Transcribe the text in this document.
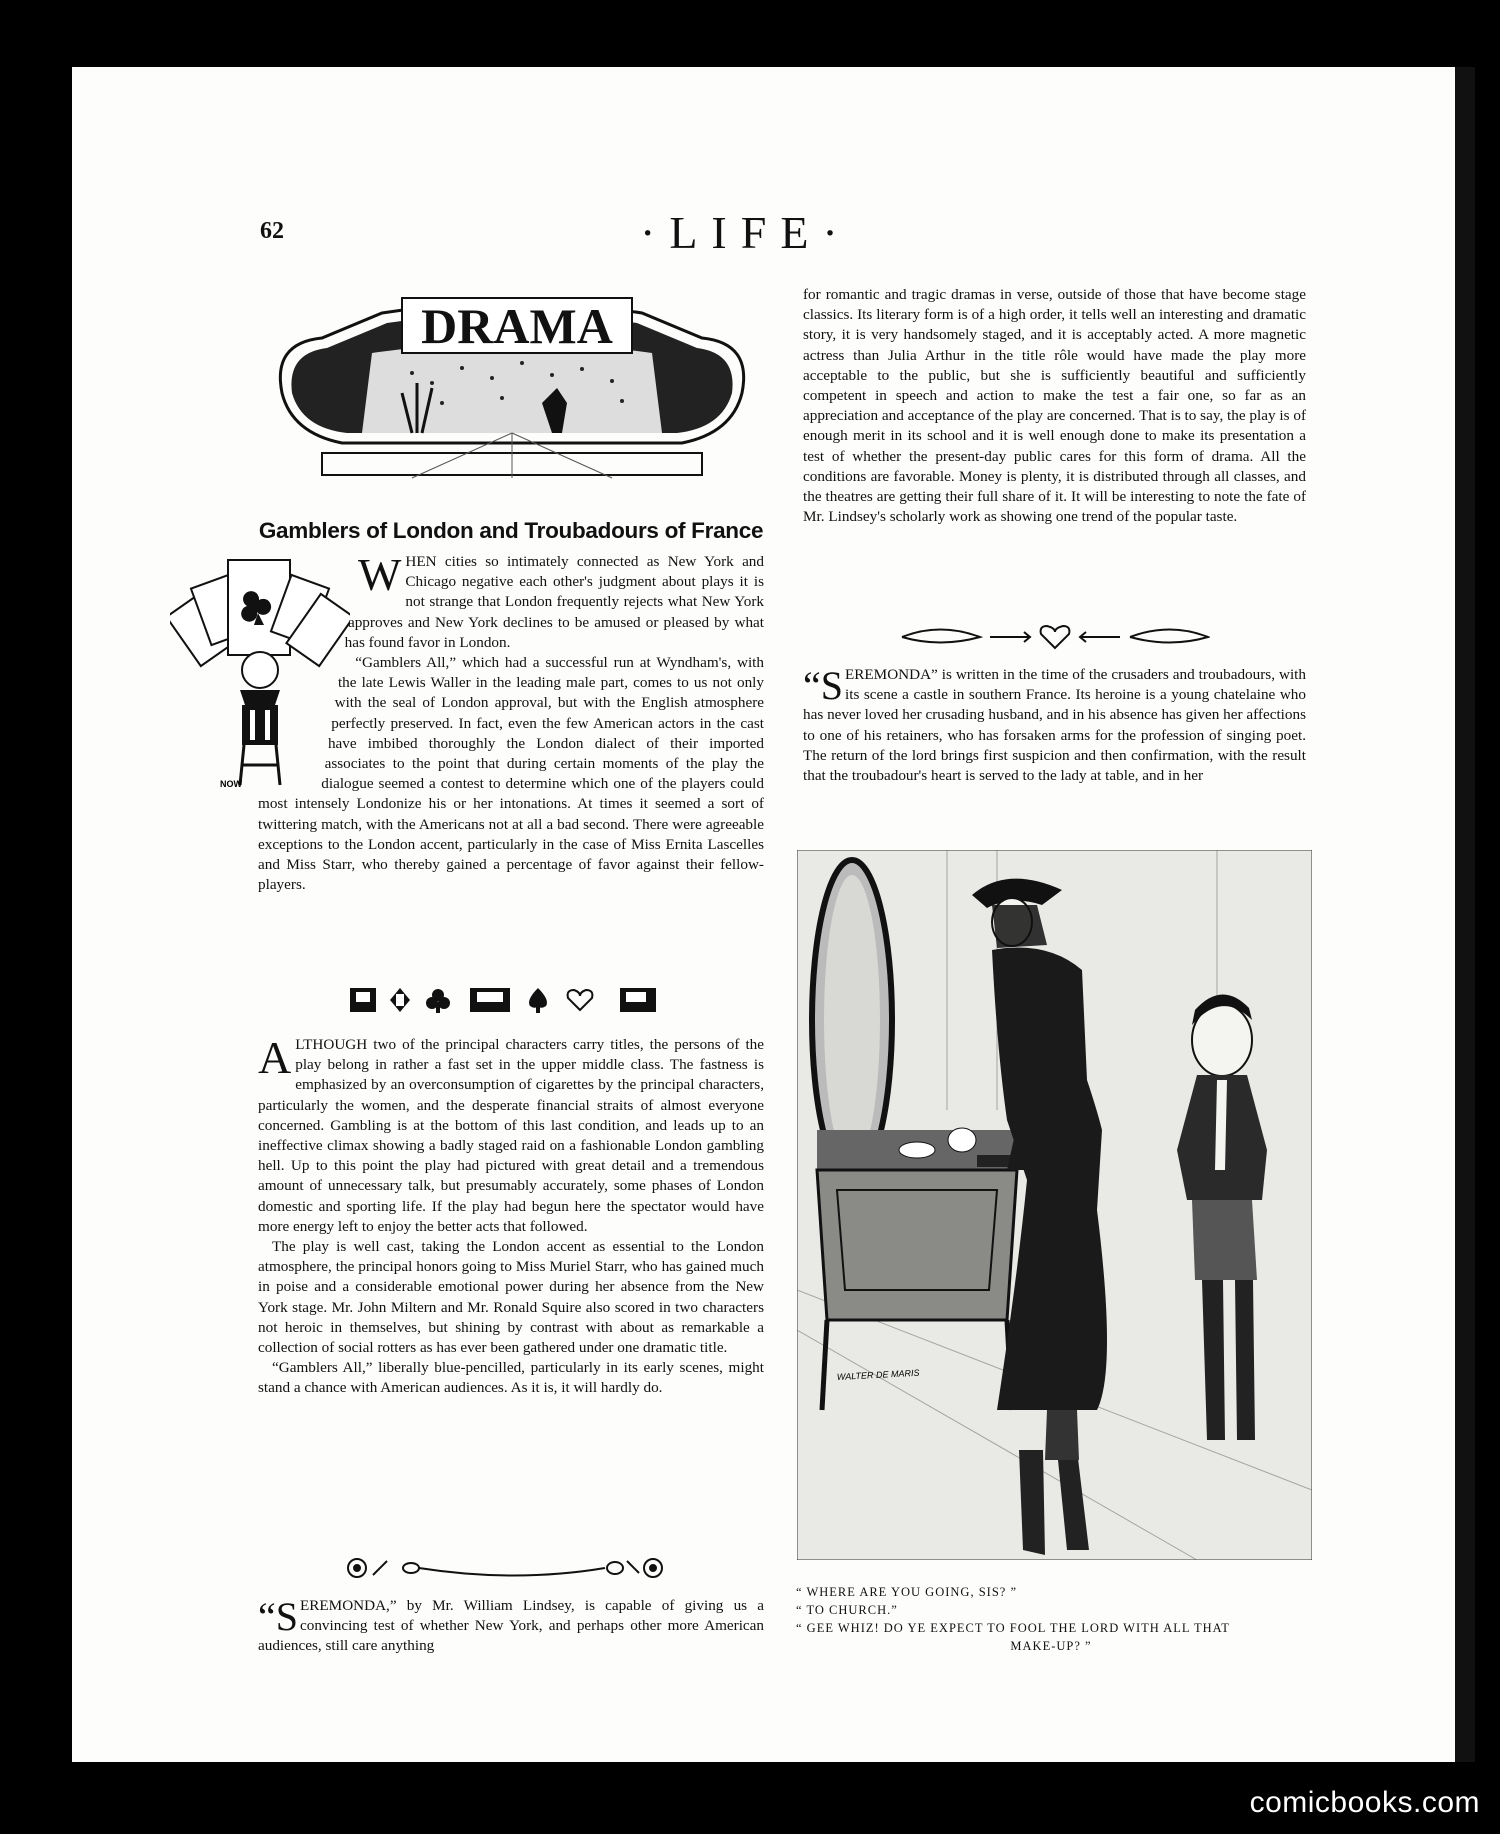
62	·LIFE·
DRAMA
Gamblers of London and Troubadours of France
NOW

WHEN cities so intimately connected as New York and Chicago negative each other's judgment about plays it is not strange that London frequently rejects what New York approves and New York declines to be amused or pleased by what has found favor in London.

“Gamblers All,” which had a successful run at Wyndham's, with the late Lewis Waller in the leading male part, comes to us not only with the seal of London approval, but with the English atmosphere perfectly preserved. In fact, even the few American actors in the cast have imbibed thoroughly the London dialect of their imported associates to the point that during certain moments of the play the dialogue seemed a contest to determine which one of the players could most intensely Londonize his or her intonations. At times it seemed a sort of twittering match, with the Americans not at all a bad second. There were agreeable exceptions to the London accent, particularly in the case of Miss Ernita Lascelles and Miss Starr, who thereby gained a percentage of favor against their fellow-players.

ALTHOUGH two of the principal characters carry titles, the persons of the play belong in rather a fast set in the upper middle class. The fastness is emphasized by an overconsumption of cigarettes by the principal characters, particularly the women, and the desperate financial straits of almost everyone concerned. Gambling is at the bottom of this last condition, and leads up to an ineffective climax showing a badly staged raid on a fashionable London gambling hell. Up to this point the play had pictured with great detail and a tremendous amount of unnecessary talk, but presumably accurately, some phases of London domestic and sporting life. If the play had begun here the spectator would have more energy left to enjoy the better acts that followed.

The play is well cast, taking the London accent as essential to the London atmosphere, the principal honors going to Miss Muriel Starr, who has gained much in poise and a considerable emotional power during her absence from the New York stage. Mr. John Miltern and Mr. Ronald Squire also scored in two characters not heroic in themselves, but shining by contrast with about as remarkable a collection of social rotters as has ever been gathered under one dramatic title.

“Gamblers All,” liberally blue-pencilled, particularly in its early scenes, might stand a chance with American audiences. As it is, it will hardly do.

“SEREMONDA,” by Mr. William Lindsey, is capable of giving us a convincing test of whether New York, and perhaps other more American audiences, still care anything

for romantic and tragic dramas in verse, outside of those that have become stage classics. Its literary form is of a high order, it tells well an interesting and dramatic story, it is very handsomely staged, and it is acceptably acted. A more magnetic actress than Julia Arthur in the title rôle would have made the play more acceptable to the public, but she is sufficiently beautiful and sufficiently competent in speech and action to make the test a fair one, so far as an appreciation and acceptance of the play are concerned. That is to say, the play is of enough merit in its school and it is well enough done to make its presentation a test of whether the present-day public cares for this form of drama. All the conditions are favorable. Money is plenty, it is distributed through all classes, and the theatres are getting their full share of it. It will be interesting to note the fate of Mr. Lindsey's scholarly work as showing one trend of the popular taste.

“SEREMONDA” is written in the time of the crusaders and troubadours, with its scene a castle in southern France. Its heroine is a young chatelaine who has never loved her crusading husband, and in his absence has given her affections to one of his retainers, who has forsaken arms for the profession of singing poet. The return of the lord brings first suspicion and then confirmation, with the result that the troubadour's heart is served to the lady at table, and in her

WALTER DE MARIS
“ WHERE ARE YOU GOING, SIS? ”
“ TO CHURCH.”
“ GEE WHIZ! DO YE EXPECT TO FOOL THE LORD WITH ALL THAT
MAKE-UP? ”
comicbooks.com
